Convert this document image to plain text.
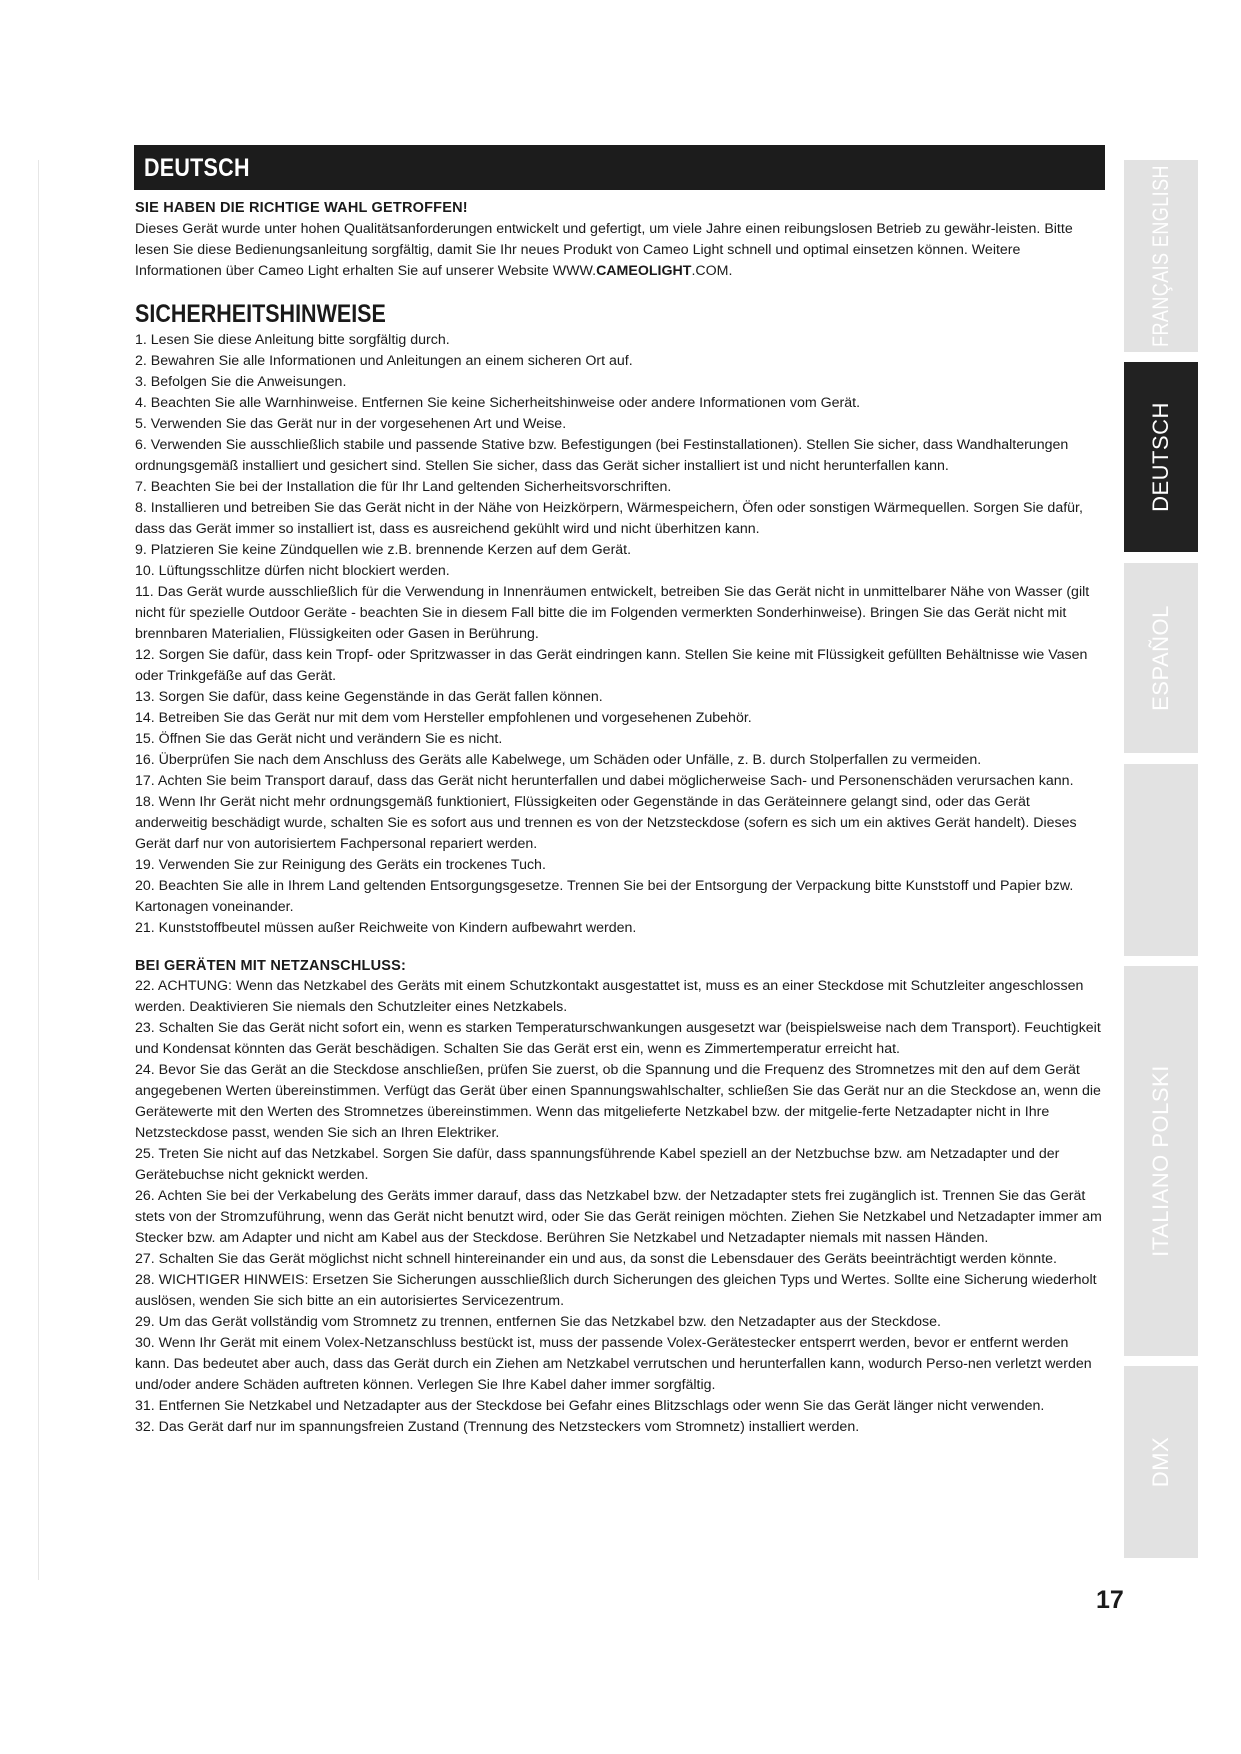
DEUTSCH
SIE HABEN DIE RICHTIGE WAHL GETROFFEN!

Dieses Gerät wurde unter hohen Qualitätsanforderungen entwickelt und gefertigt, um viele Jahre einen reibungslosen Betrieb zu gewähr-leisten. Bitte lesen Sie diese Bedienungsanleitung sorgfältig, damit Sie Ihr neues Produkt von Cameo Light schnell und optimal einsetzen können. Weitere Informationen über Cameo Light erhalten Sie auf unserer Website WWW.CAMEOLIGHT.COM.

SICHERHEITSHINWEISE
1. Lesen Sie diese Anleitung bitte sorgfältig durch.
2. Bewahren Sie alle Informationen und Anleitungen an einem sicheren Ort auf.
3. Befolgen Sie die Anweisungen.
4. Beachten Sie alle Warnhinweise. Entfernen Sie keine Sicherheitshinweise oder andere Informationen vom Gerät.
5. Verwenden Sie das Gerät nur in der vorgesehenen Art und Weise.
6. Verwenden Sie ausschließlich stabile und passende Stative bzw. Befestigungen (bei Festinstallationen). Stellen Sie sicher, dass Wandhalterungen ordnungsgemäß installiert und gesichert sind. Stellen Sie sicher, dass das Gerät sicher installiert ist und nicht herunterfallen kann.
7. Beachten Sie bei der Installation die für Ihr Land geltenden Sicherheitsvorschriften.
8. Installieren und betreiben Sie das Gerät nicht in der Nähe von Heizkörpern, Wärmespeichern, Öfen oder sonstigen Wärmequellen. Sorgen Sie dafür, dass das Gerät immer so installiert ist, dass es ausreichend gekühlt wird und nicht überhitzen kann.
9. Platzieren Sie keine Zündquellen wie z.B. brennende Kerzen auf dem Gerät.
10. Lüftungsschlitze dürfen nicht blockiert werden.
11. Das Gerät wurde ausschließlich für die Verwendung in Innenräumen entwickelt, betreiben Sie das Gerät nicht in unmittelbarer Nähe von Wasser (gilt nicht für spezielle Outdoor Geräte - beachten Sie in diesem Fall bitte die im Folgenden vermerkten Sonderhinweise). Bringen Sie das Gerät nicht mit brennbaren Materialien, Flüssigkeiten oder Gasen in Berührung.
12. Sorgen Sie dafür, dass kein Tropf- oder Spritzwasser in das Gerät eindringen kann. Stellen Sie keine mit Flüssigkeit gefüllten Behältnisse wie Vasen oder Trinkgefäße auf das Gerät.
13. Sorgen Sie dafür, dass keine Gegenstände in das Gerät fallen können.
14. Betreiben Sie das Gerät nur mit dem vom Hersteller empfohlenen und vorgesehenen Zubehör.
15. Öffnen Sie das Gerät nicht und verändern Sie es nicht.
16. Überprüfen Sie nach dem Anschluss des Geräts alle Kabelwege, um Schäden oder Unfälle, z. B. durch Stolperfallen zu vermeiden.
17. Achten Sie beim Transport darauf, dass das Gerät nicht herunterfallen und dabei möglicherweise Sach- und Personenschäden verursachen kann.
18. Wenn Ihr Gerät nicht mehr ordnungsgemäß funktioniert, Flüssigkeiten oder Gegenstände in das Geräteinnere gelangt sind, oder das Gerät anderweitig beschädigt wurde, schalten Sie es sofort aus und trennen es von der Netzsteckdose (sofern es sich um ein aktives Gerät handelt). Dieses Gerät darf nur von autorisiertem Fachpersonal repariert werden.
19. Verwenden Sie zur Reinigung des Geräts ein trockenes Tuch.
20. Beachten Sie alle in Ihrem Land geltenden Entsorgungsgesetze. Trennen Sie bei der Entsorgung der Verpackung bitte Kunststoff und Papier bzw. Kartonagen voneinander.
21. Kunststoffbeutel müssen außer Reichweite von Kindern aufbewahrt werden.
BEI GERÄTEN MIT NETZANSCHLUSS:
22. ACHTUNG: Wenn das Netzkabel des Geräts mit einem Schutzkontakt ausgestattet ist, muss es an einer Steckdose mit Schutzleiter angeschlossen werden. Deaktivieren Sie niemals den Schutzleiter eines Netzkabels.
23. Schalten Sie das Gerät nicht sofort ein, wenn es starken Temperaturschwankungen ausgesetzt war (beispielsweise nach dem Transport). Feuchtigkeit und Kondensat könnten das Gerät beschädigen. Schalten Sie das Gerät erst ein, wenn es Zimmertemperatur erreicht hat.
24. Bevor Sie das Gerät an die Steckdose anschließen, prüfen Sie zuerst, ob die Spannung und die Frequenz des Stromnetzes mit den auf dem Gerät angegebenen Werten übereinstimmen. Verfügt das Gerät über einen Spannungswahlschalter, schließen Sie das Gerät nur an die Steckdose an, wenn die Gerätewerte mit den Werten des Stromnetzes übereinstimmen. Wenn das mitgelieferte Netzkabel bzw. der mitgelie-ferte Netzadapter nicht in Ihre Netzsteckdose passt, wenden Sie sich an Ihren Elektriker.
25. Treten Sie nicht auf das Netzkabel. Sorgen Sie dafür, dass spannungsführende Kabel speziell an der Netzbuchse bzw. am Netzadapter und der Gerätebuchse nicht geknickt werden.
26. Achten Sie bei der Verkabelung des Geräts immer darauf, dass das Netzkabel bzw. der Netzadapter stets frei zugänglich ist. Trennen Sie das Gerät stets von der Stromzuführung, wenn das Gerät nicht benutzt wird, oder Sie das Gerät reinigen möchten. Ziehen Sie Netzkabel und Netzadapter immer am Stecker bzw. am Adapter und nicht am Kabel aus der Steckdose. Berühren Sie Netzkabel und Netzadapter niemals mit nassen Händen.
27. Schalten Sie das Gerät möglichst nicht schnell hintereinander ein und aus, da sonst die Lebensdauer des Geräts beeinträchtigt werden könnte.
28. WICHTIGER HINWEIS: Ersetzen Sie Sicherungen ausschließlich durch Sicherungen des gleichen Typs und Wertes. Sollte eine Sicherung wiederholt auslösen, wenden Sie sich bitte an ein autorisiertes Servicezentrum.
29. Um das Gerät vollständig vom Stromnetz zu trennen, entfernen Sie das Netzkabel bzw. den Netzadapter aus der Steckdose.
30. Wenn Ihr Gerät mit einem Volex-Netzanschluss bestückt ist, muss der passende Volex-Gerätestecker entsperrt werden, bevor er entfernt werden kann. Das bedeutet aber auch, dass das Gerät durch ein Ziehen am Netzkabel verrutschen und herunterfallen kann, wodurch Perso-nen verletzt werden und/oder andere Schäden auftreten können. Verlegen Sie Ihre Kabel daher immer sorgfältig.
31. Entfernen Sie Netzkabel und Netzadapter aus der Steckdose bei Gefahr eines Blitzschlags oder wenn Sie das Gerät länger nicht verwenden.
32. Das Gerät darf nur im spannungsfreien Zustand (Trennung des Netzsteckers vom Stromnetz) installiert werden.
FRANÇAIS ENGLISH
DEUTSCH
ESPAÑOL
ITALIANO POLSKI
DMX
17
